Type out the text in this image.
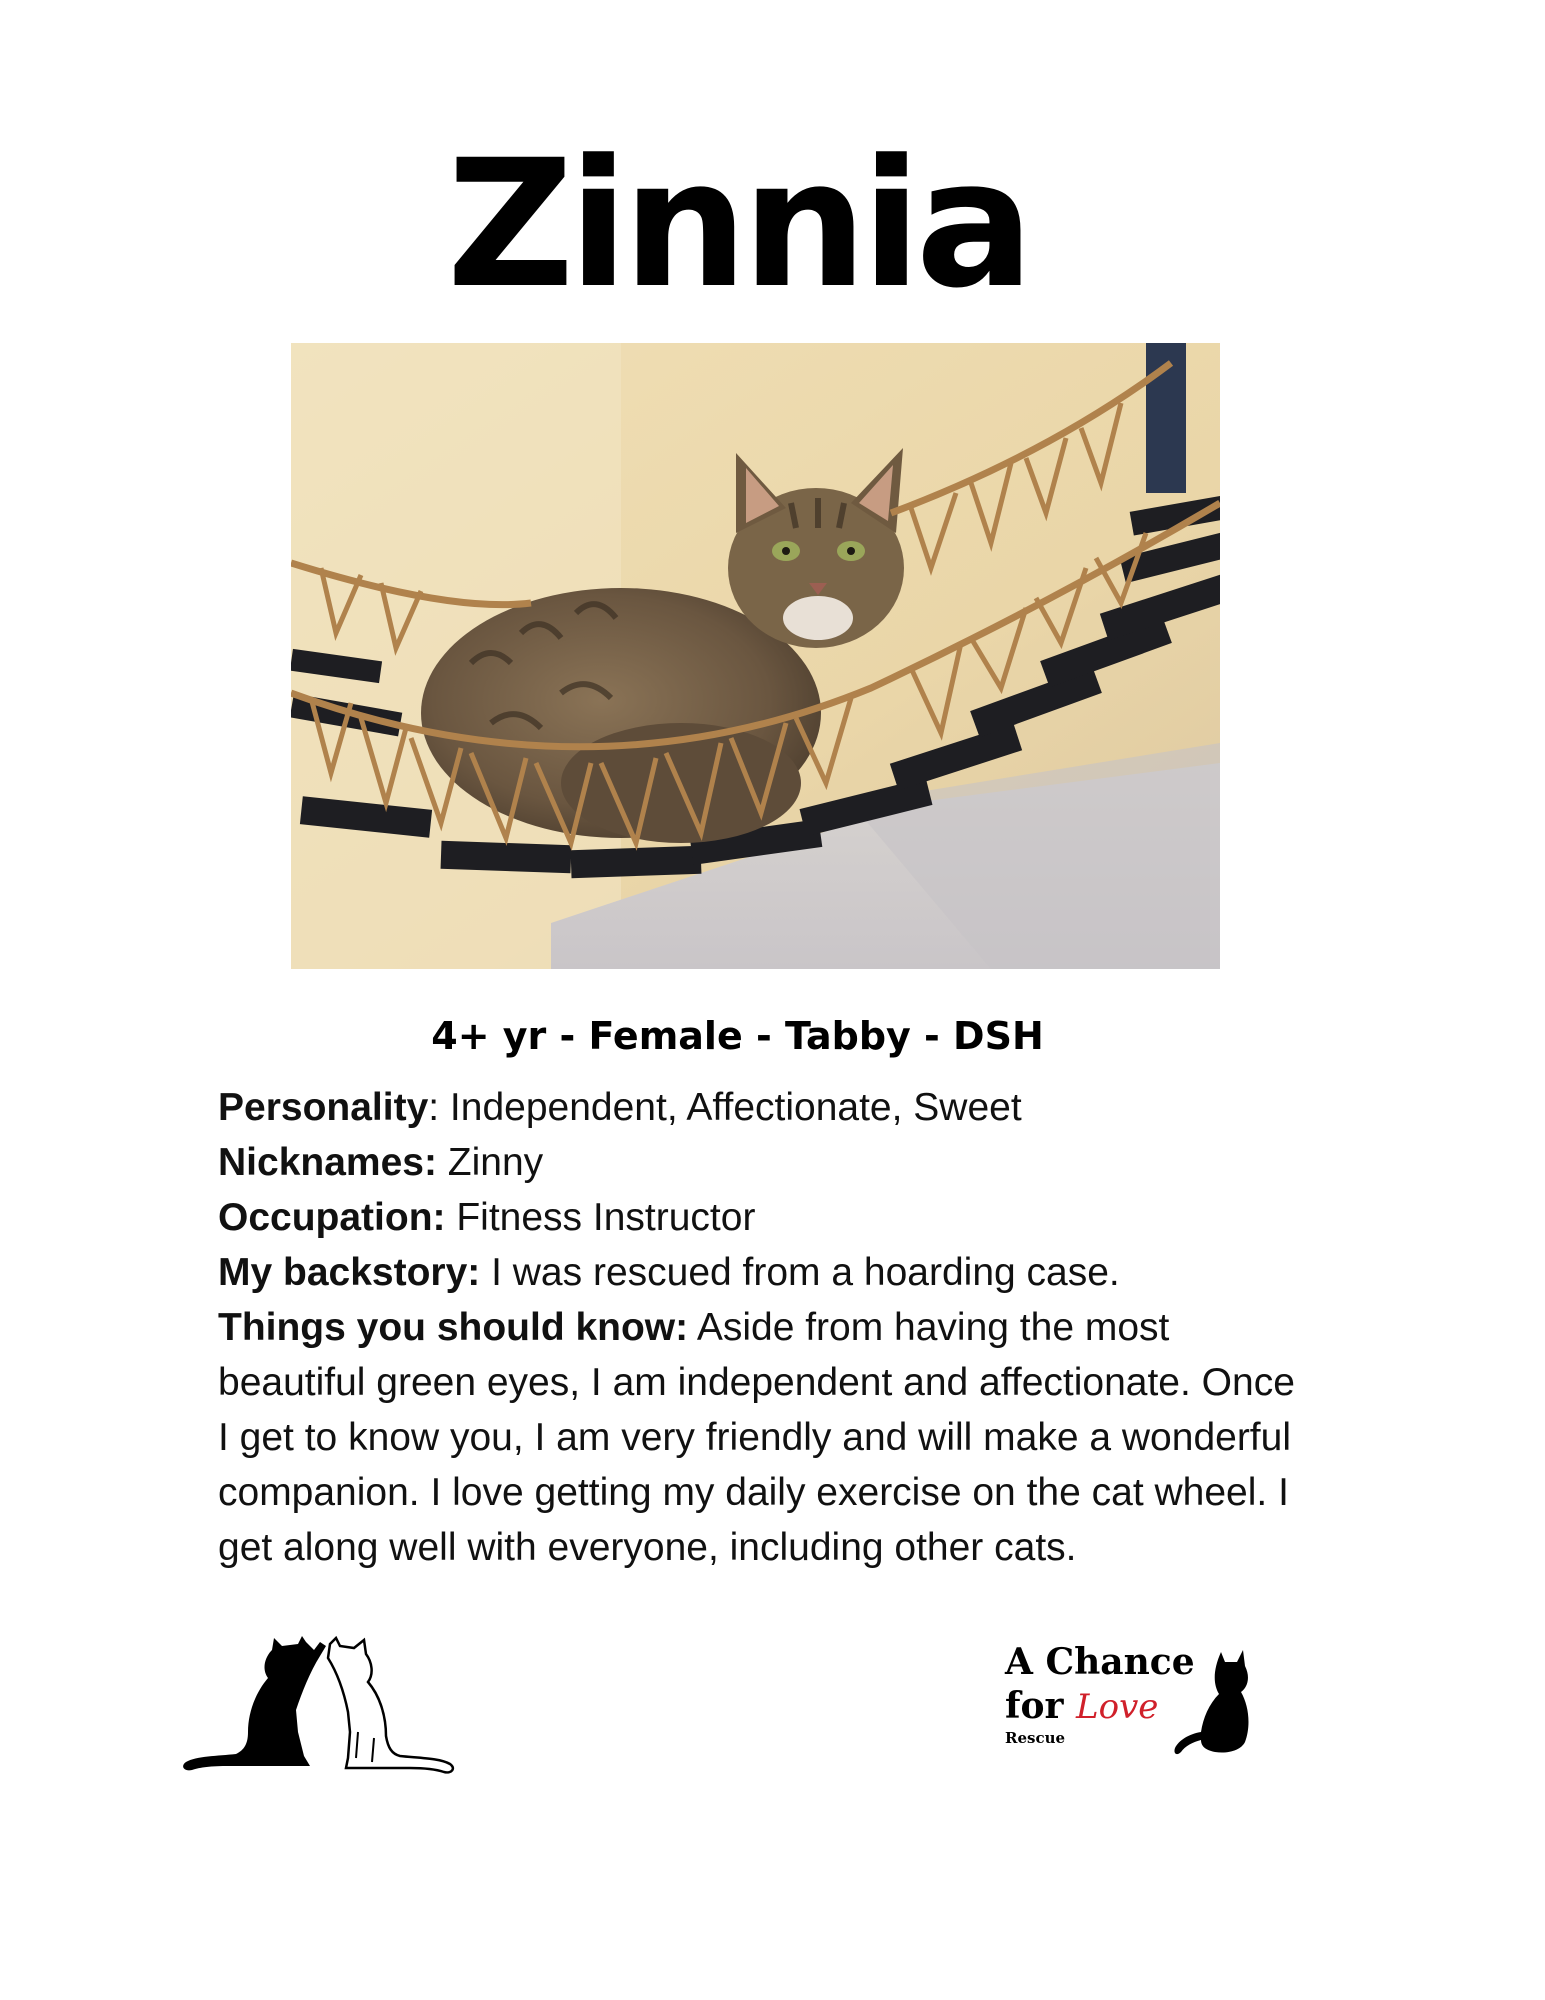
Zinnia
4+ yr - Female - Tabby - DSH

Personality: Independent, Affectionate, Sweet

Nicknames: Zinny

Occupation: Fitness Instructor

My backstory: I was rescued from a hoarding case.

Things you should know: Aside from having the most beautiful green eyes, I am independent and affectionate. Once I get to know you, I am very friendly and will make a wonderful companion. I love getting my daily exercise on the cat wheel. I get along well with everyone, including other cats.

A Chance
for Love
Rescue
